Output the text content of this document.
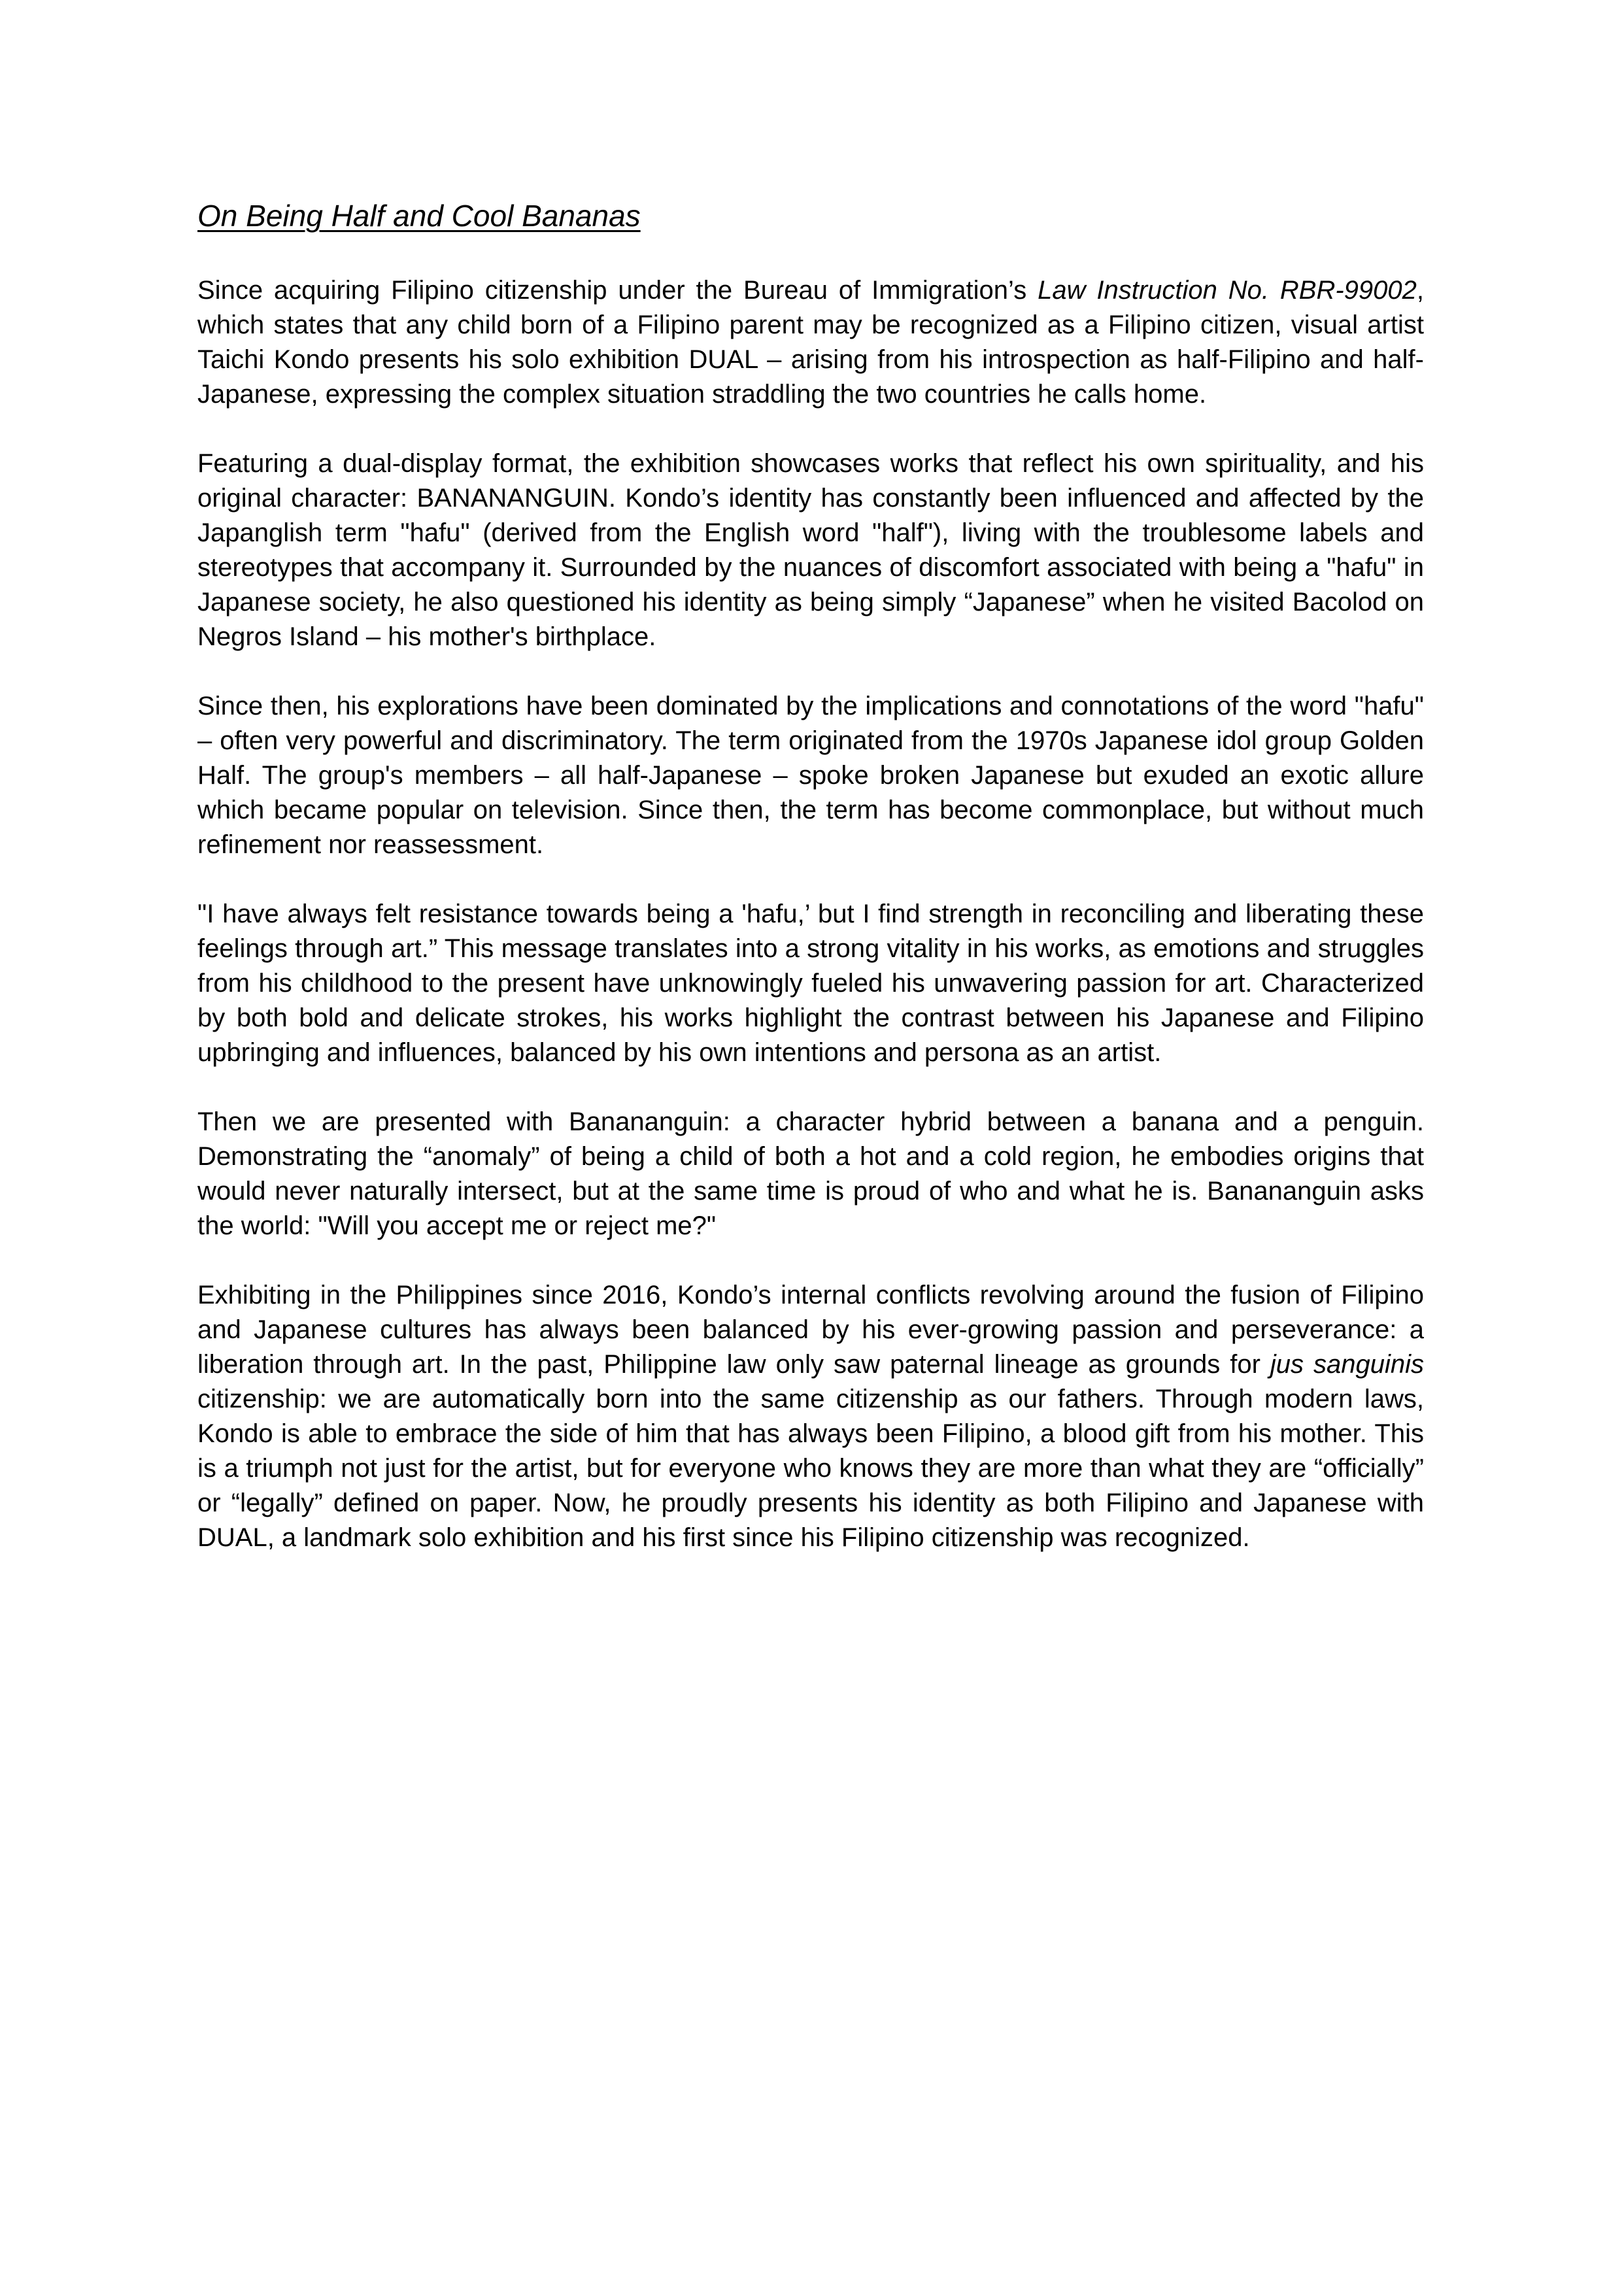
On Being Half and Cool Bananas

Since acquiring Filipino citizenship under the Bureau of Immigration’s Law Instruction No. RBR-99002, which states that any child born of a Filipino parent may be recognized as a Filipino citizen, visual artist Taichi Kondo presents his solo exhibition DUAL – arising from his introspection as half-Filipino and half-Japanese, expressing the complex situation straddling the two countries he calls home.

Featuring a dual-display format, the exhibition showcases works that reflect his own spirituality, and his original character: BANANANGUIN. Kondo’s identity has constantly been influenced and affected by the Japanglish term "hafu" (derived from the English word "half"), living with the troublesome labels and stereotypes that accompany it. Surrounded by the nuances of discomfort associated with being a "hafu" in Japanese society, he also questioned his identity as being simply “Japanese” when he visited Bacolod on Negros Island – his mother's birthplace.

Since then, his explorations have been dominated by the implications and connotations of the word "hafu" – often very powerful and discriminatory. The term originated from the 1970s Japanese idol group Golden Half. The group's members – all half-Japanese – spoke broken Japanese but exuded an exotic allure which became popular on television. Since then, the term has become commonplace, but without much refinement nor reassessment.

"I have always felt resistance towards being a 'hafu,’ but I find strength in reconciling and liberating these feelings through art.” This message translates into a strong vitality in his works, as emotions and struggles from his childhood to the present have unknowingly fueled his unwavering passion for art. Characterized by both bold and delicate strokes, his works highlight the contrast between his Japanese and Filipino upbringing and influences, balanced by his own intentions and persona as an artist.

Then we are presented with Banananguin: a character hybrid between a banana and a penguin. Demonstrating the “anomaly” of being a child of both a hot and a cold region, he embodies origins that would never naturally intersect, but at the same time is proud of who and what he is. Banananguin asks the world: "Will you accept me or reject me?"

Exhibiting in the Philippines since 2016, Kondo’s internal conflicts revolving around the fusion of Filipino and Japanese cultures has always been balanced by his ever-growing passion and perseverance: a liberation through art. In the past, Philippine law only saw paternal lineage as grounds for jus sanguinis citizenship: we are automatically born into the same citizenship as our fathers. Through modern laws, Kondo is able to embrace the side of him that has always been Filipino, a blood gift from his mother. This is a triumph not just for the artist, but for everyone who knows they are more than what they are “officially” or “legally” defined on paper. Now, he proudly presents his identity as both Filipino and Japanese with DUAL, a landmark solo exhibition and his first since his Filipino citizenship was recognized.
